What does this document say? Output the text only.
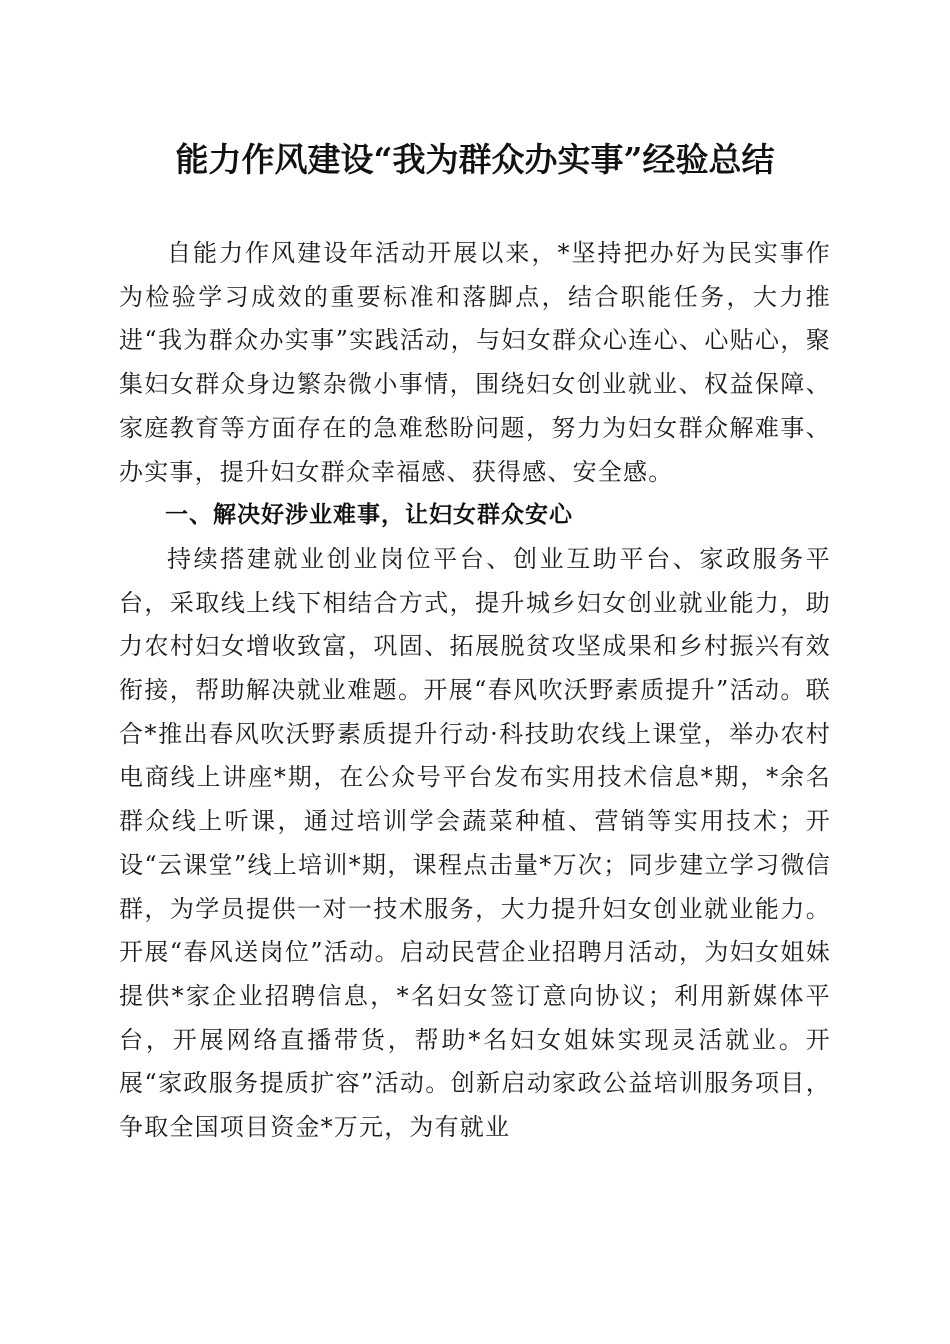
能力作风建设“我为群众办实事”经验总结

自能力作风建设年活动开展以来，*坚持把办好为民实事作为检验学习成效的重要标准和落脚点，结合职能任务，大力推进“我为群众办实事”实践活动，与妇女群众心连心、心贴心，聚集妇女群众身边繁杂微小事情，围绕妇女创业就业、权益保障、家庭教育等方面存在的急难愁盼问题，努力为妇女群众解难事、办实事，提升妇女群众幸福感、获得感、安全感。

一、解决好涉业难事，让妇女群众安心

持续搭建就业创业岗位平台、创业互助平台、家政服务平台，采取线上线下相结合方式，提升城乡妇女创业就业能力，助力农村妇女增收致富，巩固、拓展脱贫攻坚成果和乡村振兴有效衔接，帮助解决就业难题。开展“春风吹沃野素质提升”活动。联合*推出春风吹沃野素质提升行动·科技助农线上课堂，举办农村电商线上讲座*期，在公众号平台发布实用技术信息*期，*余名群众线上听课，通过培训学会蔬菜种植、营销等实用技术；开设“云课堂”线上培训*期，课程点击量*万次；同步建立学习微信群，为学员提供一对一技术服务，大力提升妇女创业就业能力。开展“春风送岗位”活动。启动民营企业招聘月活动，为妇女姐妹提供*家企业招聘信息，*名妇女签订意向协议；利用新媒体平台，开展网络直播带货，帮助*名妇女姐妹实现灵活就业。开展“家政服务提质扩容”活动。创新启动家政公益培训服务项目，争取全国项目资金*万元，为有就业
